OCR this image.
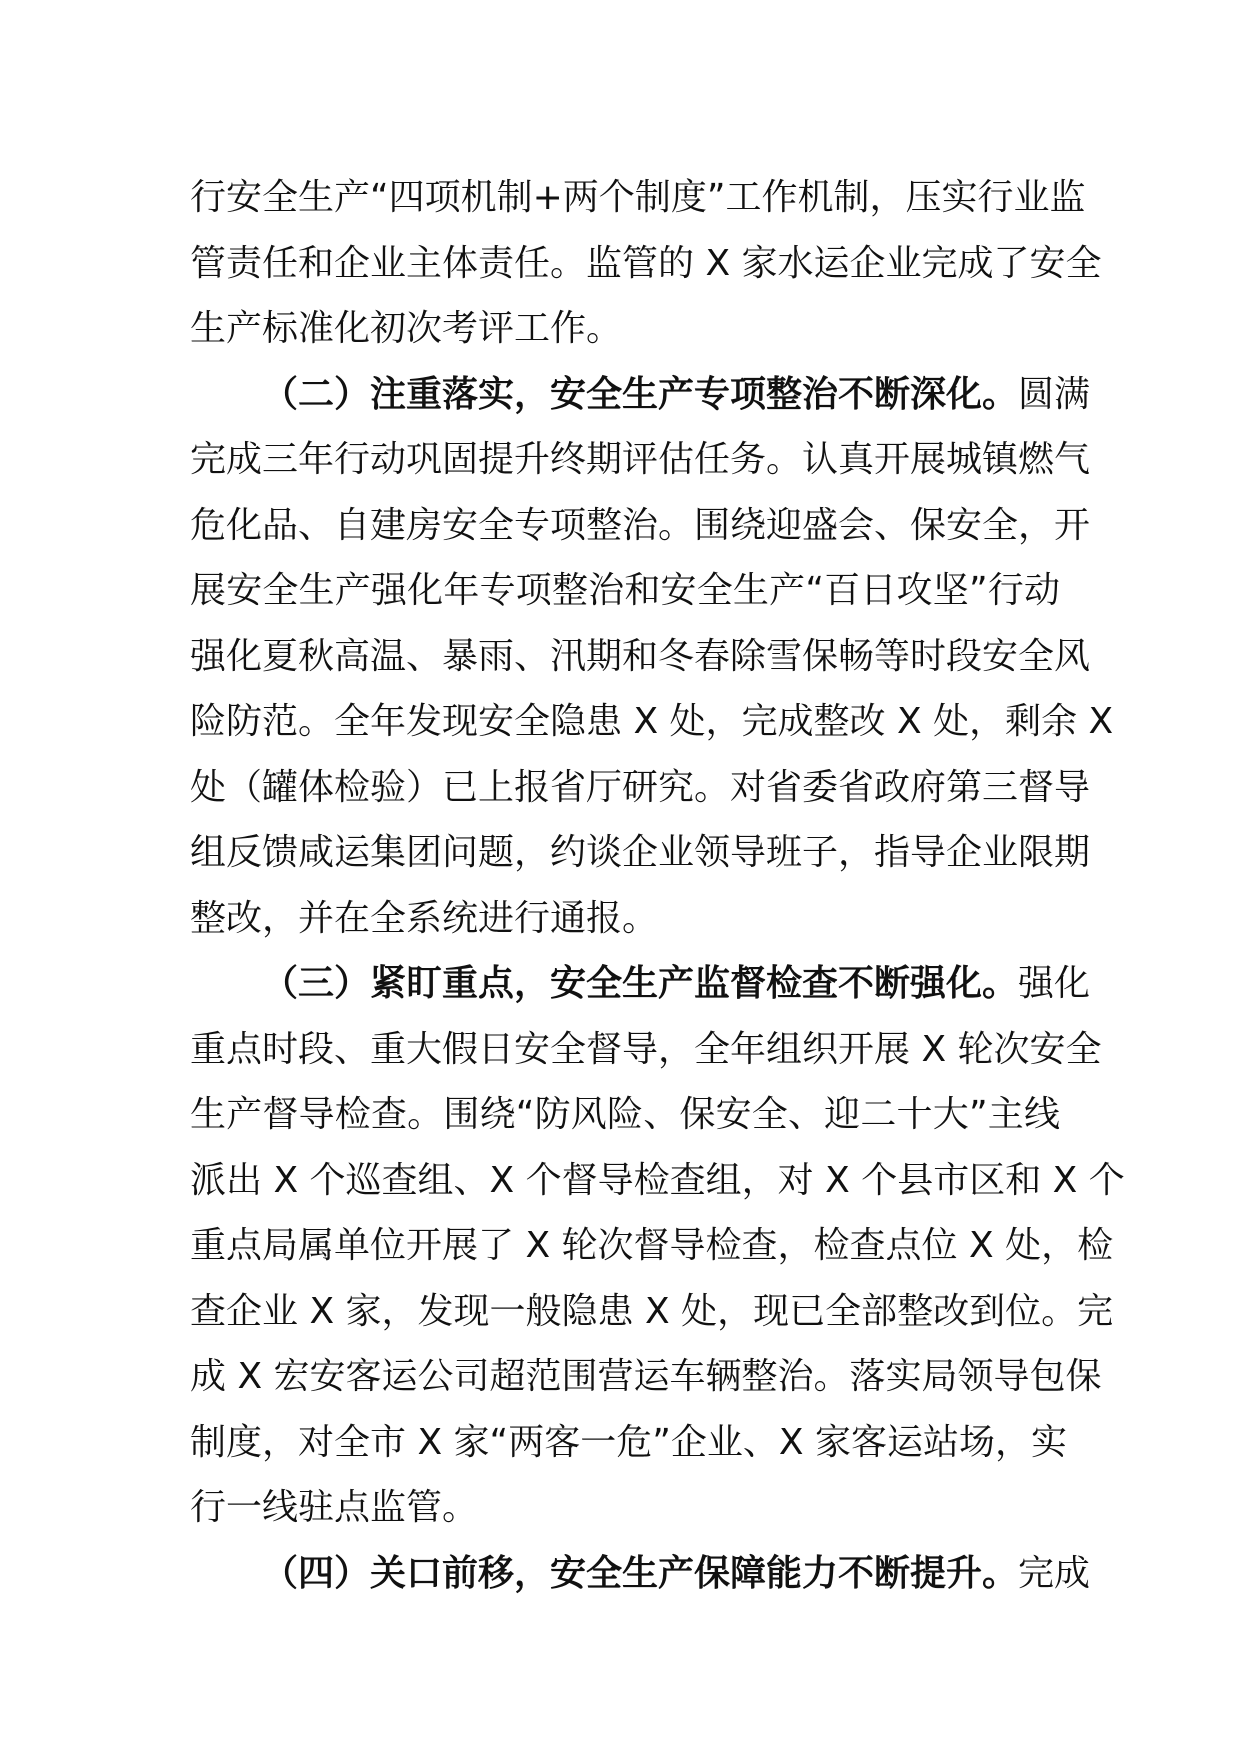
行安全生产“四项机制+两个制度”工作机制，压实行业监
管责任和企业主体责任。监管的 X 家水运企业完成了安全
生产标准化初次考评工作。
（二）注重落实，安全生产专项整治不断深化。圆满
完成三年行动巩固提升终期评估任务。认真开展城镇燃气
危化品、自建房安全专项整治。围绕迎盛会、保安全，开
展安全生产强化年专项整治和安全生产“百日攻坚”行动
强化夏秋高温、暴雨、汛期和冬春除雪保畅等时段安全风
险防范。全年发现安全隐患 X 处，完成整改 X 处，剩余 X
处（罐体检验）已上报省厅研究。对省委省政府第三督导
组反馈咸运集团问题，约谈企业领导班子，指导企业限期
整改，并在全系统进行通报。
（三）紧盯重点，安全生产监督检查不断强化。强化
重点时段、重大假日安全督导，全年组织开展 X 轮次安全
生产督导检查。围绕“防风险、保安全、迎二十大”主线
派出 X 个巡查组、X 个督导检查组，对 X 个县市区和 X 个
重点局属单位开展了 X 轮次督导检查，检查点位 X 处，检
查企业 X 家，发现一般隐患 X 处，现已全部整改到位。完
成 X 宏安客运公司超范围营运车辆整治。落实局领导包保
制度，对全市 X 家“两客一危”企业、X 家客运站场，实
行一线驻点监管。
（四）关口前移，安全生产保障能力不断提升。完成
